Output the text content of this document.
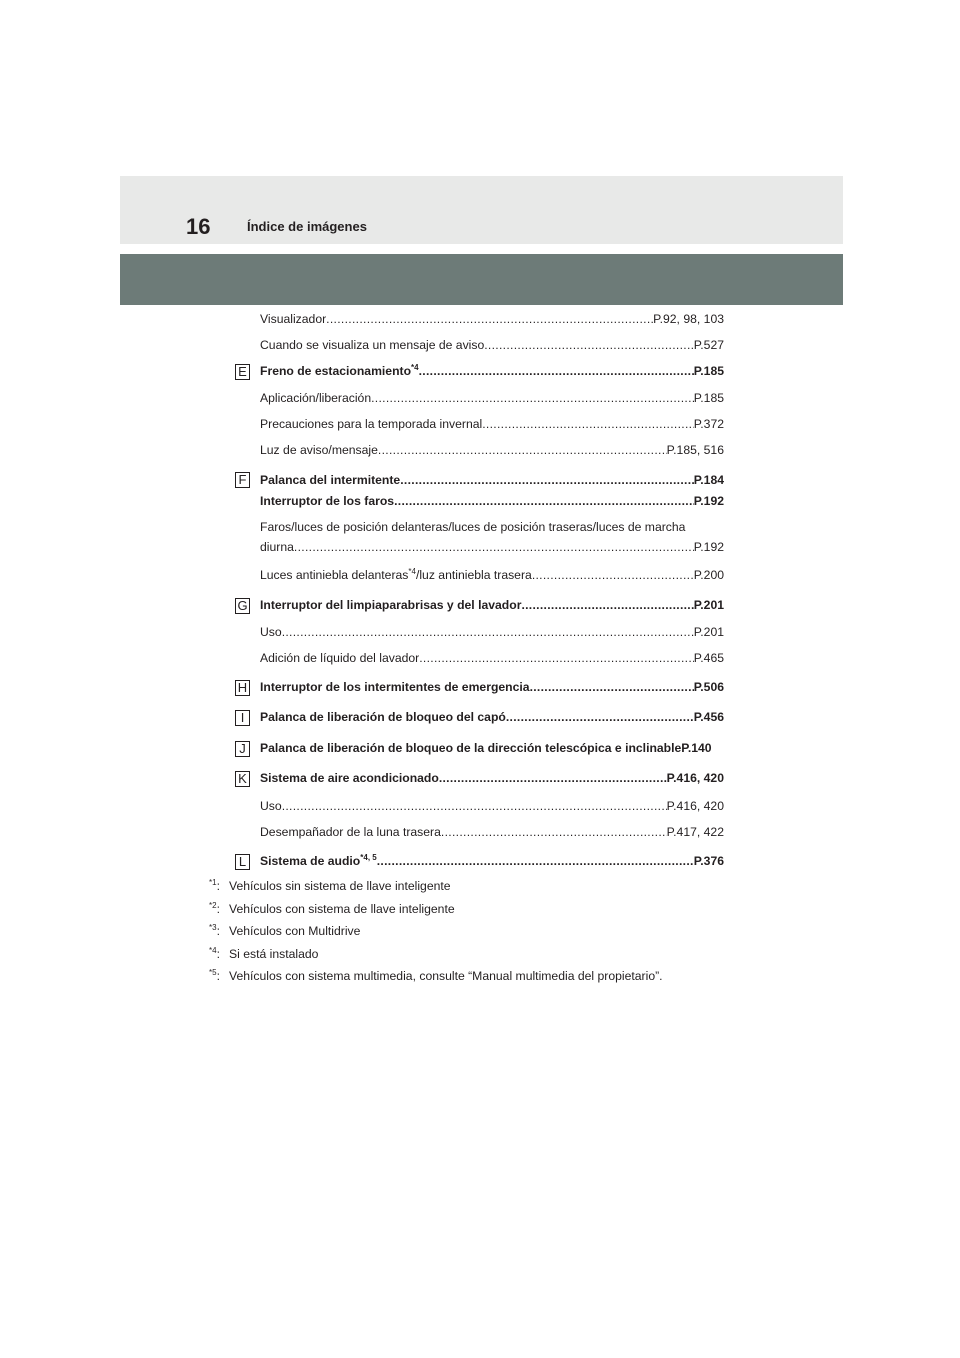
16	Índice de imágenes
Visualizador .....	P.92, 98, 103
Cuando se visualiza un mensaje de aviso .....	P.527
E Freno de estacionamiento$^{*4}$ .....	P.185
Aplicación/liberación .....	P.185
Precauciones para la temporada invernal .....	P.372
Luz de aviso/mensaje .....	P.185, 516
F Palanca del intermitente .....	P.184
Interruptor de los faros .....	P.192
Faros/luces de posición delanteras/luces de posición traseras/luces de marcha
diurna .....	P.192
Luces antiniebla delanteras$^{*4}$/luz antiniebla trasera .....	P.200
G Interruptor del limpiaparabrisas y del lavador .....	P.201
Uso .....	P.201
Adición de líquido del lavador .....	P.465
H Interruptor de los intermitentes de emergencia .....	P.506
I	Palanca de liberación de bloqueo del capó .....	P.456
J	Palanca de liberación de bloqueo de la dirección telescópica e inclinable P.140
K Sistema de aire acondicionado .....	P.416, 420
Uso .....	P.416, 420
Desempañador de la luna trasera .....	P.417, 422
L	Sistema de audio$^{*4, 5}$ .....	P.376
$^{*1}$: Vehículos sin sistema de llave inteligente
$^{*2}$: Vehículos con sistema de llave inteligente
$^{*3}$: Vehículos con Multidrive
$^{*4}$: Si está instalado
$^{*5}$: Vehículos con sistema multimedia, consulte “Manual multimedia del propietario”.
